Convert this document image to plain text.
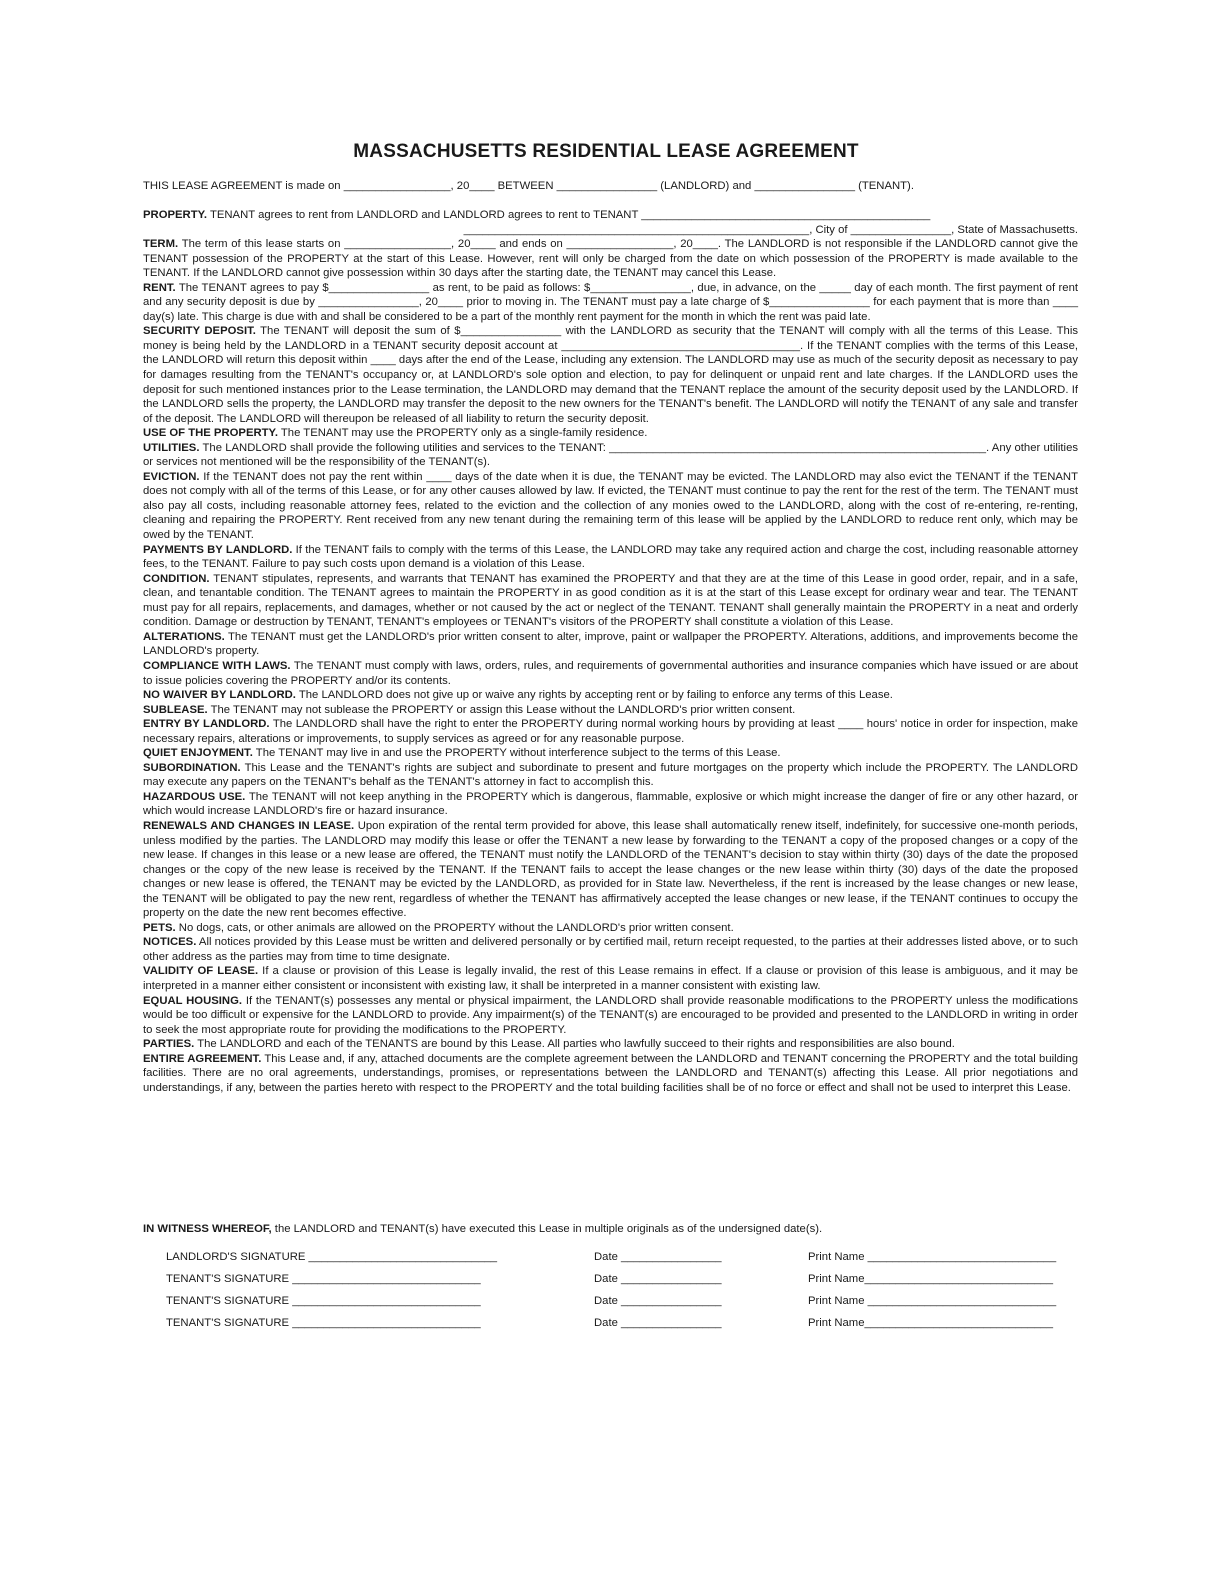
MASSACHUSETTS RESIDENTIAL LEASE AGREEMENT

THIS LEASE AGREEMENT is made on _________________, 20____ BETWEEN ________________ (LANDLORD) and ________________ (TENANT).

PROPERTY. TENANT agrees to rent from LANDLORD and LANDLORD agrees to rent to TENANT ______________________________________________

_______________________________________________________, City of ________________, State of Massachusetts.

TERM. The term of this lease starts on _________________, 20____ and ends on _________________, 20____. The LANDLORD is not responsible if the LANDLORD cannot give the TENANT possession of the PROPERTY at the start of this Lease. However, rent will only be charged from the date on which possession of the PROPERTY is made available to the TENANT. If the LANDLORD cannot give possession within 30 days after the starting date, the TENANT may cancel this Lease.

RENT. The TENANT agrees to pay $________________ as rent, to be paid as follows: $________________, due, in advance, on the _____ day of each month. The first payment of rent and any security deposit is due by ________________, 20____ prior to moving in. The TENANT must pay a late charge of $________________ for each payment that is more than ____ day(s) late. This charge is due with and shall be considered to be a part of the monthly rent payment for the month in which the rent was paid late.

SECURITY DEPOSIT. The TENANT will deposit the sum of $________________ with the LANDLORD as security that the TENANT will comply with all the terms of this Lease. This money is being held by the LANDLORD in a TENANT security deposit account at ______________________________________. If the TENANT complies with the terms of this Lease, the LANDLORD will return this deposit within ____ days after the end of the Lease, including any extension. The LANDLORD may use as much of the security deposit as necessary to pay for damages resulting from the TENANT's occupancy or, at LANDLORD's sole option and election, to pay for delinquent or unpaid rent and late charges. If the LANDLORD uses the deposit for such mentioned instances prior to the Lease termination, the LANDLORD may demand that the TENANT replace the amount of the security deposit used by the LANDLORD. If the LANDLORD sells the property, the LANDLORD may transfer the deposit to the new owners for the TENANT's benefit. The LANDLORD will notify the TENANT of any sale and transfer of the deposit. The LANDLORD will thereupon be released of all liability to return the security deposit.

USE OF THE PROPERTY. The TENANT may use the PROPERTY only as a single-family residence.

UTILITIES. The LANDLORD shall provide the following utilities and services to the TENANT: ____________________________________________________________. Any other utilities or services not mentioned will be the responsibility of the TENANT(s).

EVICTION. If the TENANT does not pay the rent within ____ days of the date when it is due, the TENANT may be evicted. The LANDLORD may also evict the TENANT if the TENANT does not comply with all of the terms of this Lease, or for any other causes allowed by law. If evicted, the TENANT must continue to pay the rent for the rest of the term. The TENANT must also pay all costs, including reasonable attorney fees, related to the eviction and the collection of any monies owed to the LANDLORD, along with the cost of re-entering, re-renting, cleaning and repairing the PROPERTY. Rent received from any new tenant during the remaining term of this lease will be applied by the LANDLORD to reduce rent only, which may be owed by the TENANT.

PAYMENTS BY LANDLORD. If the TENANT fails to comply with the terms of this Lease, the LANDLORD may take any required action and charge the cost, including reasonable attorney fees, to the TENANT. Failure to pay such costs upon demand is a violation of this Lease.

CONDITION. TENANT stipulates, represents, and warrants that TENANT has examined the PROPERTY and that they are at the time of this Lease in good order, repair, and in a safe, clean, and tenantable condition. The TENANT agrees to maintain the PROPERTY in as good condition as it is at the start of this Lease except for ordinary wear and tear. The TENANT must pay for all repairs, replacements, and damages, whether or not caused by the act or neglect of the TENANT. TENANT shall generally maintain the PROPERTY in a neat and orderly condition. Damage or destruction by TENANT, TENANT's employees or TENANT's visitors of the PROPERTY shall constitute a violation of this Lease.

ALTERATIONS. The TENANT must get the LANDLORD's prior written consent to alter, improve, paint or wallpaper the PROPERTY. Alterations, additions, and improvements become the LANDLORD's property.

COMPLIANCE WITH LAWS. The TENANT must comply with laws, orders, rules, and requirements of governmental authorities and insurance companies which have issued or are about to issue policies covering the PROPERTY and/or its contents.

NO WAIVER BY LANDLORD. The LANDLORD does not give up or waive any rights by accepting rent or by failing to enforce any terms of this Lease.

SUBLEASE. The TENANT may not sublease the PROPERTY or assign this Lease without the LANDLORD's prior written consent.

ENTRY BY LANDLORD. The LANDLORD shall have the right to enter the PROPERTY during normal working hours by providing at least ____ hours' notice in order for inspection, make necessary repairs, alterations or improvements, to supply services as agreed or for any reasonable purpose.

QUIET ENJOYMENT. The TENANT may live in and use the PROPERTY without interference subject to the terms of this Lease.

SUBORDINATION. This Lease and the TENANT's rights are subject and subordinate to present and future mortgages on the property which include the PROPERTY. The LANDLORD may execute any papers on the TENANT's behalf as the TENANT's attorney in fact to accomplish this.

HAZARDOUS USE. The TENANT will not keep anything in the PROPERTY which is dangerous, flammable, explosive or which might increase the danger of fire or any other hazard, or which would increase LANDLORD's fire or hazard insurance.

RENEWALS AND CHANGES IN LEASE. Upon expiration of the rental term provided for above, this lease shall automatically renew itself, indefinitely, for successive one-month periods, unless modified by the parties. The LANDLORD may modify this lease or offer the TENANT a new lease by forwarding to the TENANT a copy of the proposed changes or a copy of the new lease. If changes in this lease or a new lease are offered, the TENANT must notify the LANDLORD of the TENANT's decision to stay within thirty (30) days of the date the proposed changes or the copy of the new lease is received by the TENANT. If the TENANT fails to accept the lease changes or the new lease within thirty (30) days of the date the proposed changes or new lease is offered, the TENANT may be evicted by the LANDLORD, as provided for in State law. Nevertheless, if the rent is increased by the lease changes or new lease, the TENANT will be obligated to pay the new rent, regardless of whether the TENANT has affirmatively accepted the lease changes or new lease, if the TENANT continues to occupy the property on the date the new rent becomes effective.

PETS. No dogs, cats, or other animals are allowed on the PROPERTY without the LANDLORD's prior written consent.

NOTICES. All notices provided by this Lease must be written and delivered personally or by certified mail, return receipt requested, to the parties at their addresses listed above, or to such other address as the parties may from time to time designate.

VALIDITY OF LEASE. If a clause or provision of this Lease is legally invalid, the rest of this Lease remains in effect. If a clause or provision of this lease is ambiguous, and it may be interpreted in a manner either consistent or inconsistent with existing law, it shall be interpreted in a manner consistent with existing law.

EQUAL HOUSING. If the TENANT(s) possesses any mental or physical impairment, the LANDLORD shall provide reasonable modifications to the PROPERTY unless the modifications would be too difficult or expensive for the LANDLORD to provide. Any impairment(s) of the TENANT(s) are encouraged to be provided and presented to the LANDLORD in writing in order to seek the most appropriate route for providing the modifications to the PROPERTY.

PARTIES. The LANDLORD and each of the TENANTS are bound by this Lease. All parties who lawfully succeed to their rights and responsibilities are also bound.

ENTIRE AGREEMENT. This Lease and, if any, attached documents are the complete agreement between the LANDLORD and TENANT concerning the PROPERTY and the total building facilities. There are no oral agreements, understandings, promises, or representations between the LANDLORD and TENANT(s) affecting this Lease. All prior negotiations and understandings, if any, between the parties hereto with respect to the PROPERTY and the total building facilities shall be of no force or effect and shall not be used to interpret this Lease.

IN WITNESS WHEREOF, the LANDLORD and TENANT(s) have executed this Lease in multiple originals as of the undersigned date(s).

LANDLORD'S SIGNATURE ______________________________	Date ________________	Print Name ______________________________
TENANT'S SIGNATURE ______________________________	Date ________________	Print Name______________________________
TENANT'S SIGNATURE ______________________________	Date ________________	Print Name ______________________________
TENANT'S SIGNATURE ______________________________	Date ________________	Print Name______________________________
